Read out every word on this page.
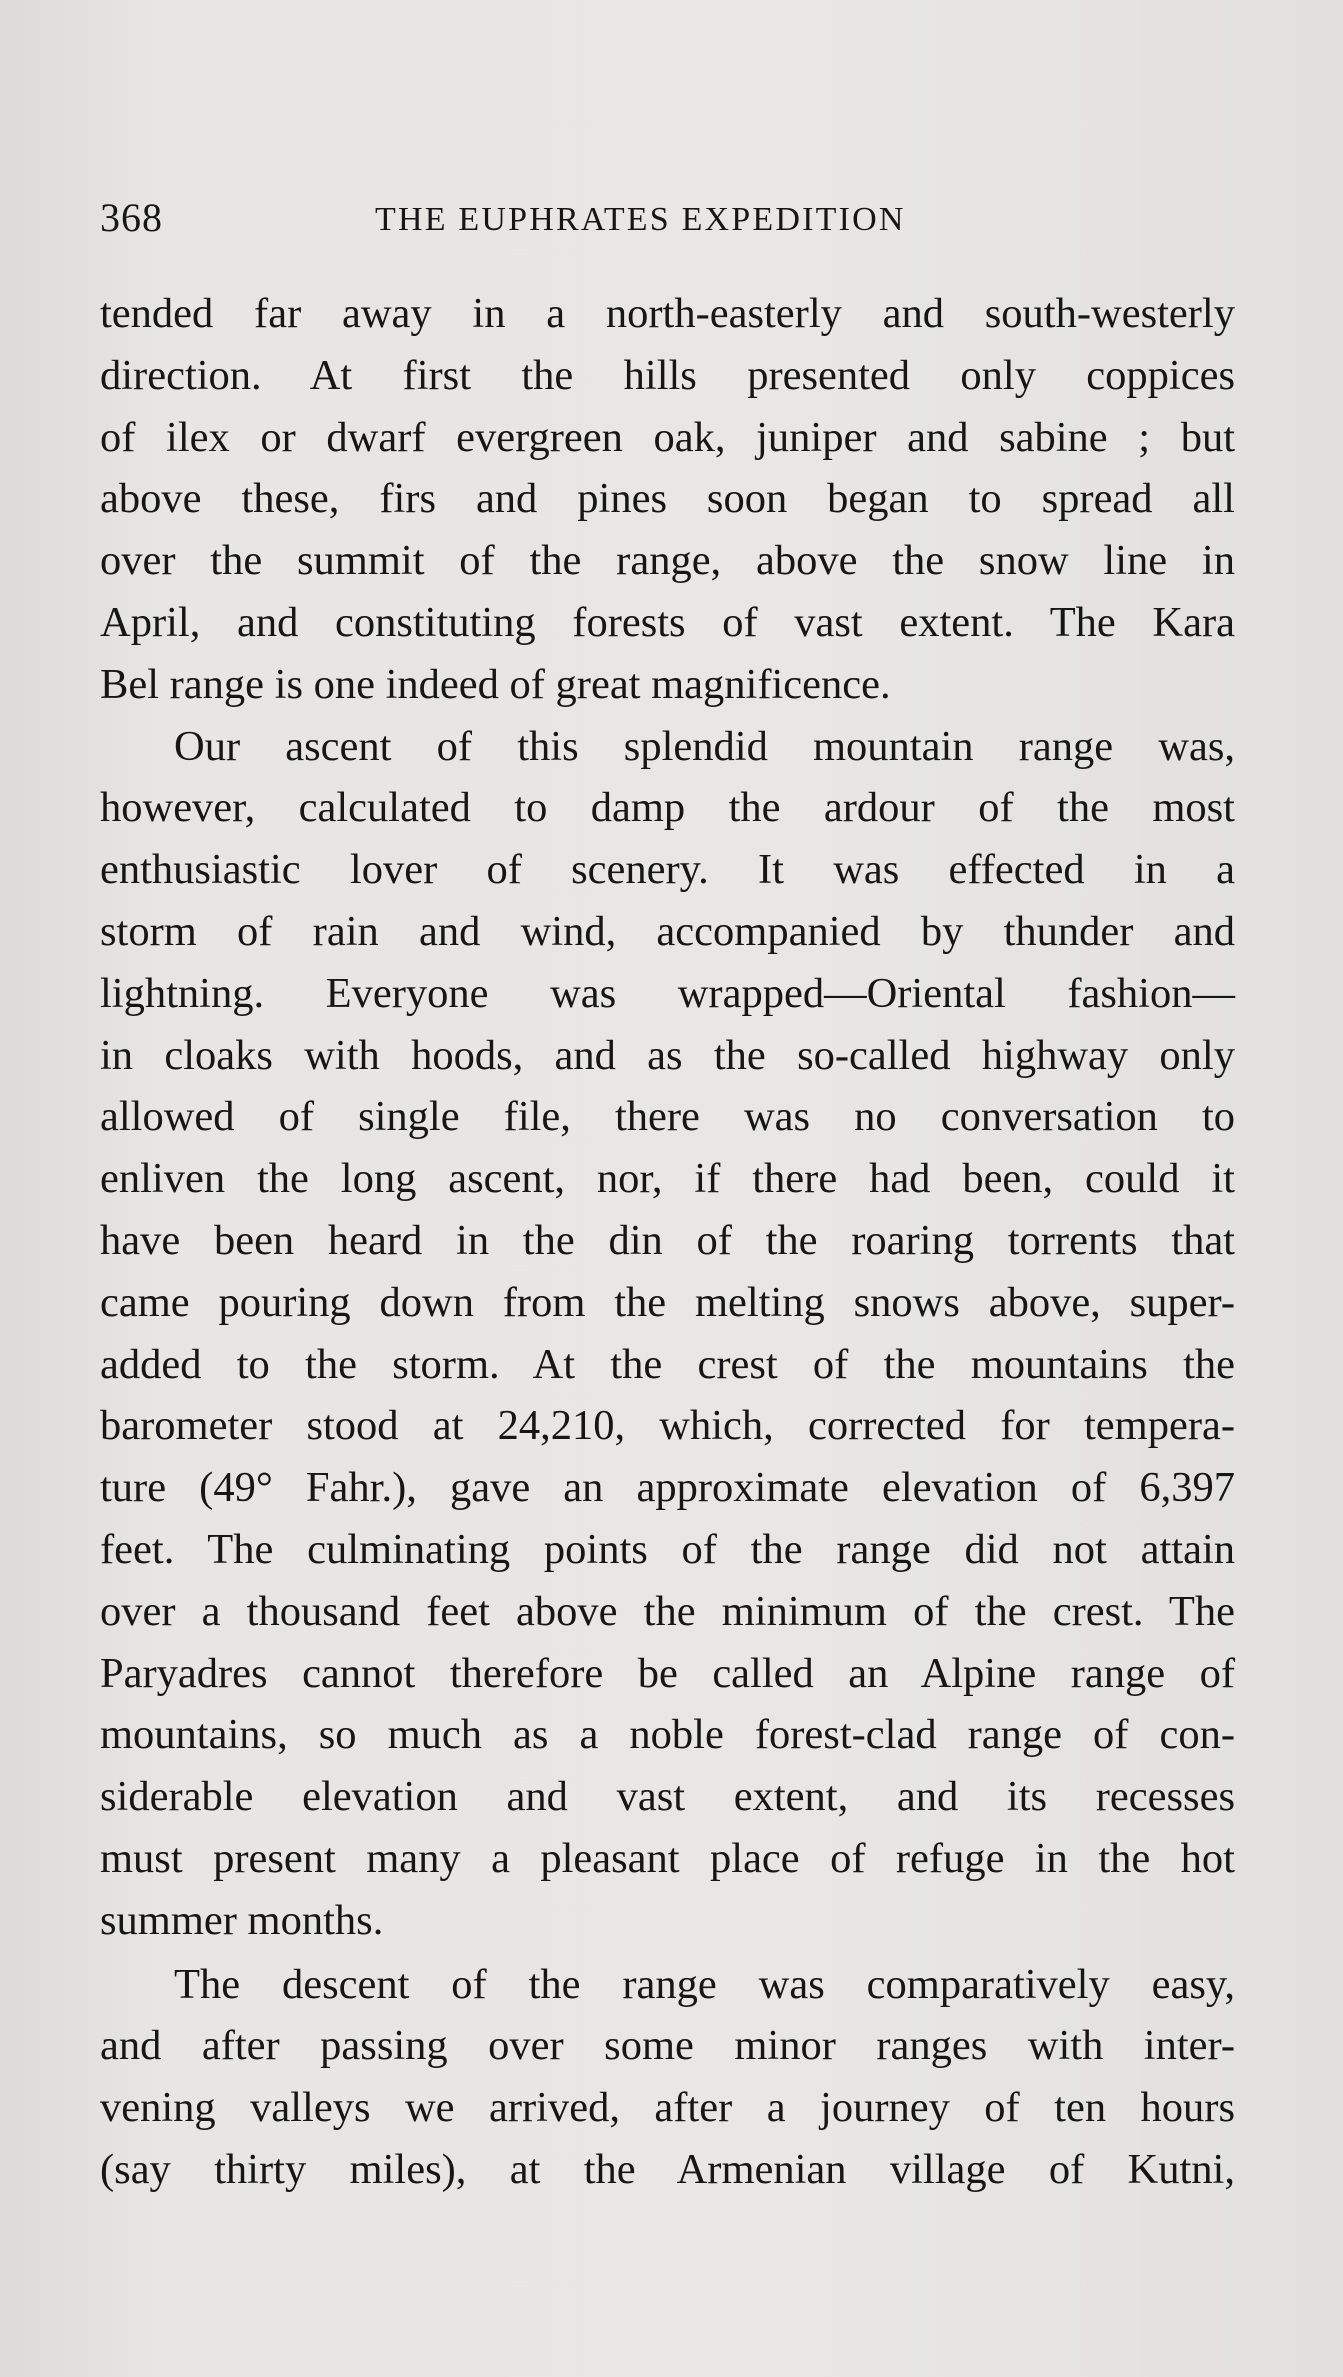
368	THE EUPHRATES EXPEDITION
tended far away in a north-easterly and south-westerly
direction. At first the hills presented only coppices
of ilex or dwarf evergreen oak, juniper and sabine ; but
above these, firs and pines soon began to spread all
over the summit of the range, above the snow line in
April, and constituting forests of vast extent. The Kara
Bel range is one indeed of great magnificence.
Our ascent of this splendid mountain range was,
however, calculated to damp the ardour of the most
enthusiastic lover of scenery. It was effected in a
storm of rain and wind, accompanied by thunder and
lightning. Everyone was wrapped—Oriental fashion—
in cloaks with hoods, and as the so-called highway only
allowed of single file, there was no conversation to
enliven the long ascent, nor, if there had been, could it
have been heard in the din of the roaring torrents that
came pouring down from the melting snows above, super-
added to the storm. At the crest of the mountains the
barometer stood at 24,210, which, corrected for tempera-
ture (49° Fahr.), gave an approximate elevation of 6,397
feet. The culminating points of the range did not attain
over a thousand feet above the minimum of the crest. The
Paryadres cannot therefore be called an Alpine range of
mountains, so much as a noble forest-clad range of con-
siderable elevation and vast extent, and its recesses
must present many a pleasant place of refuge in the hot
summer months.
The descent of the range was comparatively easy,
and after passing over some minor ranges with inter-
vening valleys we arrived, after a journey of ten hours
(say thirty miles), at the Armenian village of Kutni,
